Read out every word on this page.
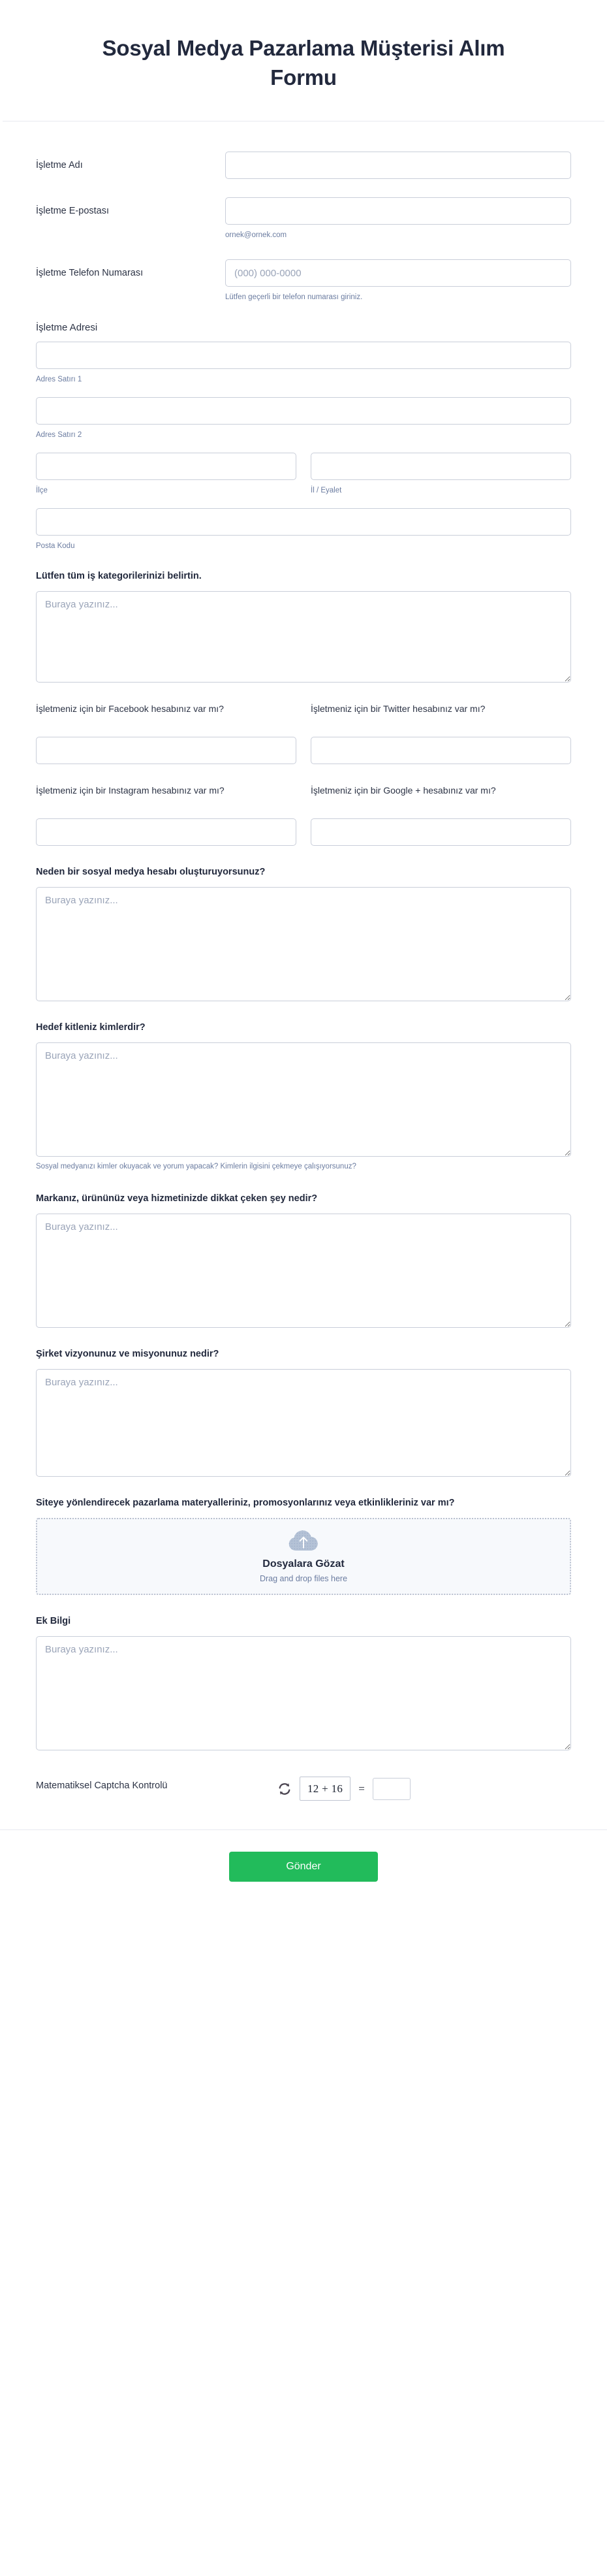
Sosyal Medya Pazarlama Müşterisi Alım Formu
İşletme Adı
İşletme E-postası
ornek@ornek.com
İşletme Telefon Numarası
(000) 000-0000
Lütfen geçerli bir telefon numarası giriniz.
İşletme Adresi
Adres Satırı 1
Adres Satırı 2
İlçe	İl / Eyalet
Posta Kodu
Lütfen tüm iş kategorilerinizi belirtin.
Buraya yazınız...
İşletmeniz için bir Facebook hesabınız var mı?	İşletmeniz için bir Twitter hesabınız var mı?
İşletmeniz için bir Instagram hesabınız var mı?	İşletmeniz için bir Google + hesabınız var mı?
Neden bir sosyal medya hesabı oluşturuyorsunuz?
Buraya yazınız...
Hedef kitleniz kimlerdir?
Buraya yazınız...
Sosyal medyanızı kimler okuyacak ve yorum yapacak? Kimlerin ilgisini çekmeye çalışıyorsunuz?
Markanız, ürününüz veya hizmetinizde dikkat çeken şey nedir?
Buraya yazınız...
Şirket vizyonunuz ve misyonunuz nedir?
Buraya yazınız...
Siteye yönlendirecek pazarlama materyalleriniz, promosyonlarınız veya etkinlikleriniz var mı?
Dosyalara Gözat
Drag and drop files here
Ek Bilgi
Buraya yazınız...
Matematiksel Captcha Kontrolü	12 + 16	=
Gönder
